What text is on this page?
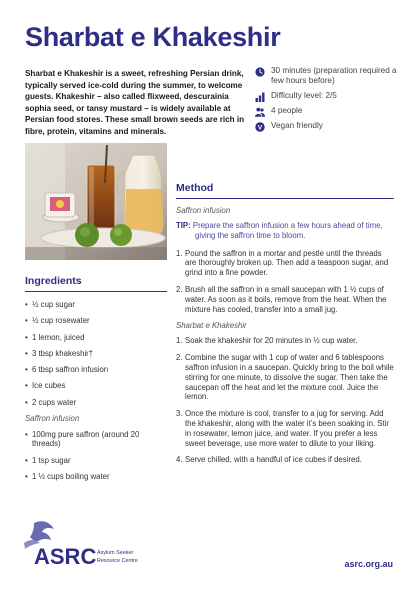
Sharbat e Khakeshir

Sharbat e Khakeshir is a sweet, refreshing Persian drink, typically served ice-cold during the summer, to welcome guests. Khakeshir – also called flixweed, descurainia sophia seed, or tansy mustard – is widely available at Persian food stores. These small brown seeds are rich in fibre, protein, vitamins and minerals.

30 minutes (preparation required a few hours before)
Difficulty level: 2/5
4 people
V Vegan friendly
Ingredients
• ½ cup sugar
• ½ cup rosewater
• 1 lemon, juiced
• 3 tbsp khakeshir†
• 6 tbsp saffron infusion
• Ice cubes
• 2 cups water

Saffron infusion

• 100mg pure saffron (around 20 threads)
• 1 tsp sugar
• 1 ½ cups boiling water
Method

Saffron infusion

TIP: Prepare the saffron infusion a few hours ahead of time, giving the saffron time to bloom.

1. Pound the saffron in a mortar and pestle until the threads are thoroughly broken up. Then add a teaspoon sugar, and grind into a fine powder.
2. Brush all the saffron in a small saucepan with 1 ½ cups of water. As soon as it boils, remove from the heat. When the mixture has cooled, transfer into a small jug.

Sharbat e Khakeshir

1. Soak the khakeshir for 20 minutes in ½ cup water.
2. Combine the sugar with 1 cup of water and 6 tablespoons saffron infusion in a saucepan. Quickly bring to the boil while stirring for one minute, to dissolve the sugar. Then take the saucepan off the heat and let the mixture cool. Juice the lemon.
3. Once the mixture is cool, transfer to a jug for serving. Add the khakeshir, along with the water it’s been soaking in. Stir in rosewater, lemon juice, and water. If you prefer a less sweet beverage, use more water to dilute to your liking.
4. Serve chilled, with a handful of ice cubes if desired.
ASRC Asylum Seeker
Resource Centre	asrc.org.au
